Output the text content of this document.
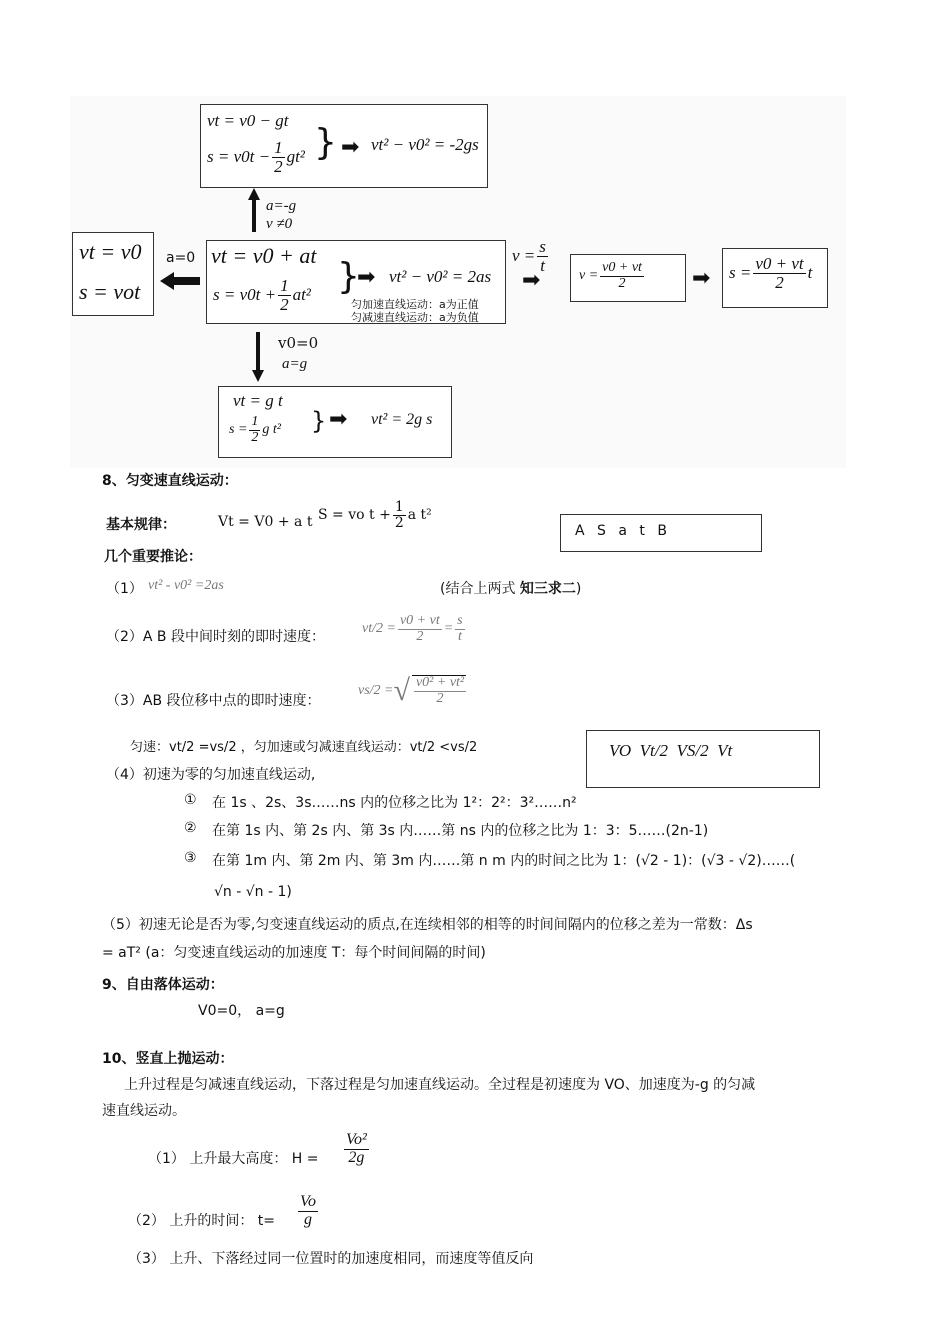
vt = v0 − gt
$s = v0t - \frac{1}{2} gt^2$ } ➡ vt² − v0² = -2gs
a=-g
v ≠0
vt = v0
s = vot
a=0 vt = v0 + at
$s = v0t + \frac{1}{2} at^2$ }
➡ vt² − v0² = 2as
匀加速直线运动：a为正值
匀减速直线运动：a为负值
$v = \frac{s}{t}$
➡	$v = \frac{v0 + vt}{2}$ ➡ $s = \frac{v0 + vt}{2}$ t
v0=0
a=g
vt = g t
$s = \frac{1}{2}$ g t² } ➡ vt² = 2g s
8、匀变速直线运动：
基本规律：	Vt = V0 + a t S = vo $t + \frac{1}{2}$ a t²
A S a t B
几个重要推论：
（1） vt² - v0² =2as	(结合上两式 知三求二)
（2）A B 段中间时刻的即时速度：
$vt/2 = \frac{v0 + vt}{2} = \frac{s}{t}$
（3）AB 段位移中点的即时速度：
vs/2 = √ $\frac{\text{v0² + vt²}}{2}$
匀速：vt/2 =vs/2 ，匀加速或匀减速直线运动：vt/2 <vs/2	VO  Vt/2  VS/2  Vt
（4）初速为零的匀加速直线运动,
① 在 1s 、2s、3s……ns 内的位移之比为 1²：2²：3²……n²
② 在第 1s 内、第 2s 内、第 3s 内……第 ns 内的位移之比为 1：3：5……(2n-1)
③ 在第 1m 内、第 2m 内、第 3m 内……第 n m 内的时间之比为 1：(√2 - 1)：(√3 - √2)……(
√n - √n - 1)
（5）初速无论是否为零,匀变速直线运动的质点,在连续相邻的相等的时间间隔内的位移之差为一常数：Δs
= aT² (a：匀变速直线运动的加速度 T：每个时间间隔的时间)
9、自由落体运动：
V0=0， a=g
10、竖直上抛运动：
上升过程是匀减速直线运动，下落过程是匀加速直线运动。全过程是初速度为 VO、加速度为-g 的匀减
速直线运动。
（1） 上升最大高度： $H = \frac{\text{Vo²}}{2g}$
（2） 上升的时间： $t= \frac{Vo}{g}$
（3） 上升、下落经过同一位置时的加速度相同，而速度等值反向
